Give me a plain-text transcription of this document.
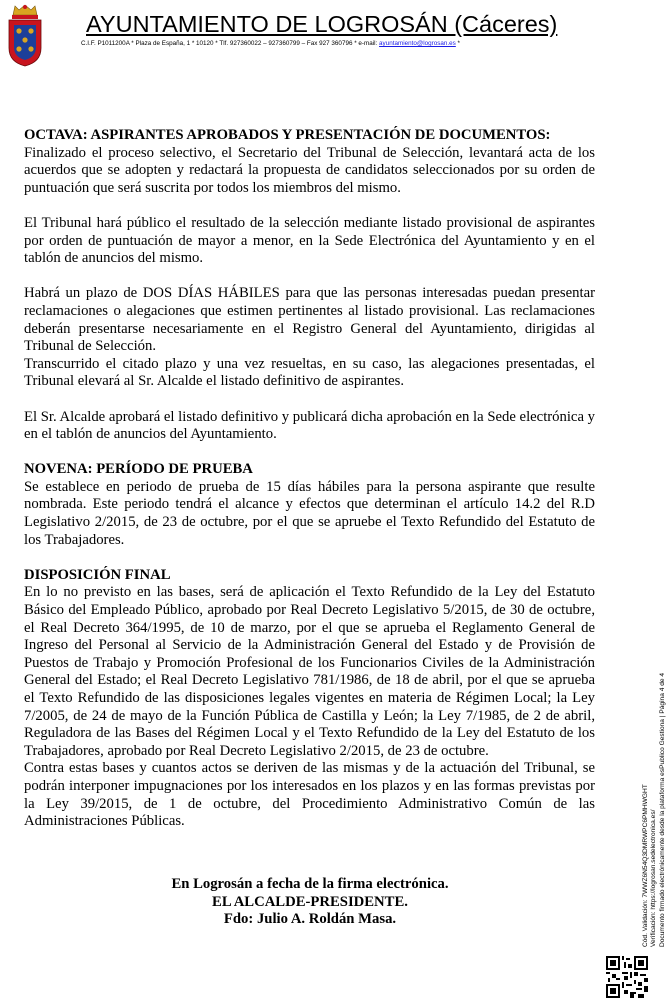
AYUNTAMIENTO DE LOGROSÁN (Cáceres)
C.I.F. P1011200A * Plaza de España, 1 * 10120 * Tlf. 927360022 – 927360799 – Fax 927 360796 * e-mail: ayuntamiento@logrosan.es *
OCTAVA: ASPIRANTES APROBADOS Y PRESENTACIÓN DE DOCUMENTOS:

Finalizado el proceso selectivo, el Secretario del Tribunal de Selección, levantará acta de los acuerdos que se adopten y redactará la propuesta de candidatos seleccionados por su orden de puntuación que será suscrita por todos los miembros del mismo.

El Tribunal hará público el resultado de la selección mediante listado provisional de aspirantes por orden de puntuación de mayor a menor, en la Sede Electrónica del Ayuntamiento y en el tablón de anuncios del mismo.

Habrá un plazo de DOS DÍAS HÁBILES para que las personas interesadas puedan presentar reclamaciones o alegaciones que estimen pertinentes al listado provisional. Las reclamaciones deberán presentarse necesariamente en el Registro General del Ayuntamiento, dirigidas al Tribunal de Selección.

Transcurrido el citado plazo y una vez resueltas, en su caso, las alegaciones presentadas, el Tribunal elevará al Sr. Alcalde el listado definitivo de aspirantes.

El Sr. Alcalde aprobará el listado definitivo y publicará dicha aprobación en la Sede electrónica y en el tablón de anuncios del Ayuntamiento.

NOVENA: PERÍODO DE PRUEBA

Se establece en periodo de prueba de 15 días hábiles para la persona aspirante que resulte nombrada. Este periodo tendrá el alcance y efectos que determinan el artículo 14.2 del R.D Legislativo 2/2015, de 23 de octubre, por el que se apruebe el Texto Refundido del Estatuto de los Trabajadores.

DISPOSICIÓN FINAL

En lo no previsto en las bases, será de aplicación el Texto Refundido de la Ley del Estatuto Básico del Empleado Público, aprobado por Real Decreto Legislativo 5/2015, de 30 de octubre, el Real Decreto 364/1995, de 10 de marzo, por el que se aprueba el Reglamento General de Ingreso del Personal al Servicio de la Administración General del Estado y de Provisión de Puestos de Trabajo y Promoción Profesional de los Funcionarios Civiles de la Administración General del Estado; el Real Decreto Legislativo 781/1986, de 18 de abril, por el que se aprueba el Texto Refundido de las disposiciones legales vigentes en materia de Régimen Local; la Ley 7/2005, de 24 de mayo de la Función Pública de Castilla y León; la Ley 7/1985, de 2 de abril, Reguladora de las Bases del Régimen Local y el Texto Refundido de la Ley del Estatuto de los Trabajadores, aprobado por Real Decreto Legislativo 2/2015, de 23 de octubre.

Contra estas bases y cuantos actos se deriven de las mismas y de la actuación del Tribunal, se podrán interponer impugnaciones por los interesados en los plazos y en las formas previstas por la Ley 39/2015, de 1 de octubre, del Procedimiento Administrativo Común de las Administraciones Públicas.

En Logrosán a fecha de la firma electrónica.
EL ALCALDE-PRESIDENTE.
Fdo: Julio A. Roldán Masa.	Cód. Validación: 7WWZ6N54Q3DMRWPC6PMHWGHT Verificación: https://logrosan.sedelectronica.es/ Documento firmado electrónicamente desde la plataforma esPublico Gestiona | Página 4 de 4
